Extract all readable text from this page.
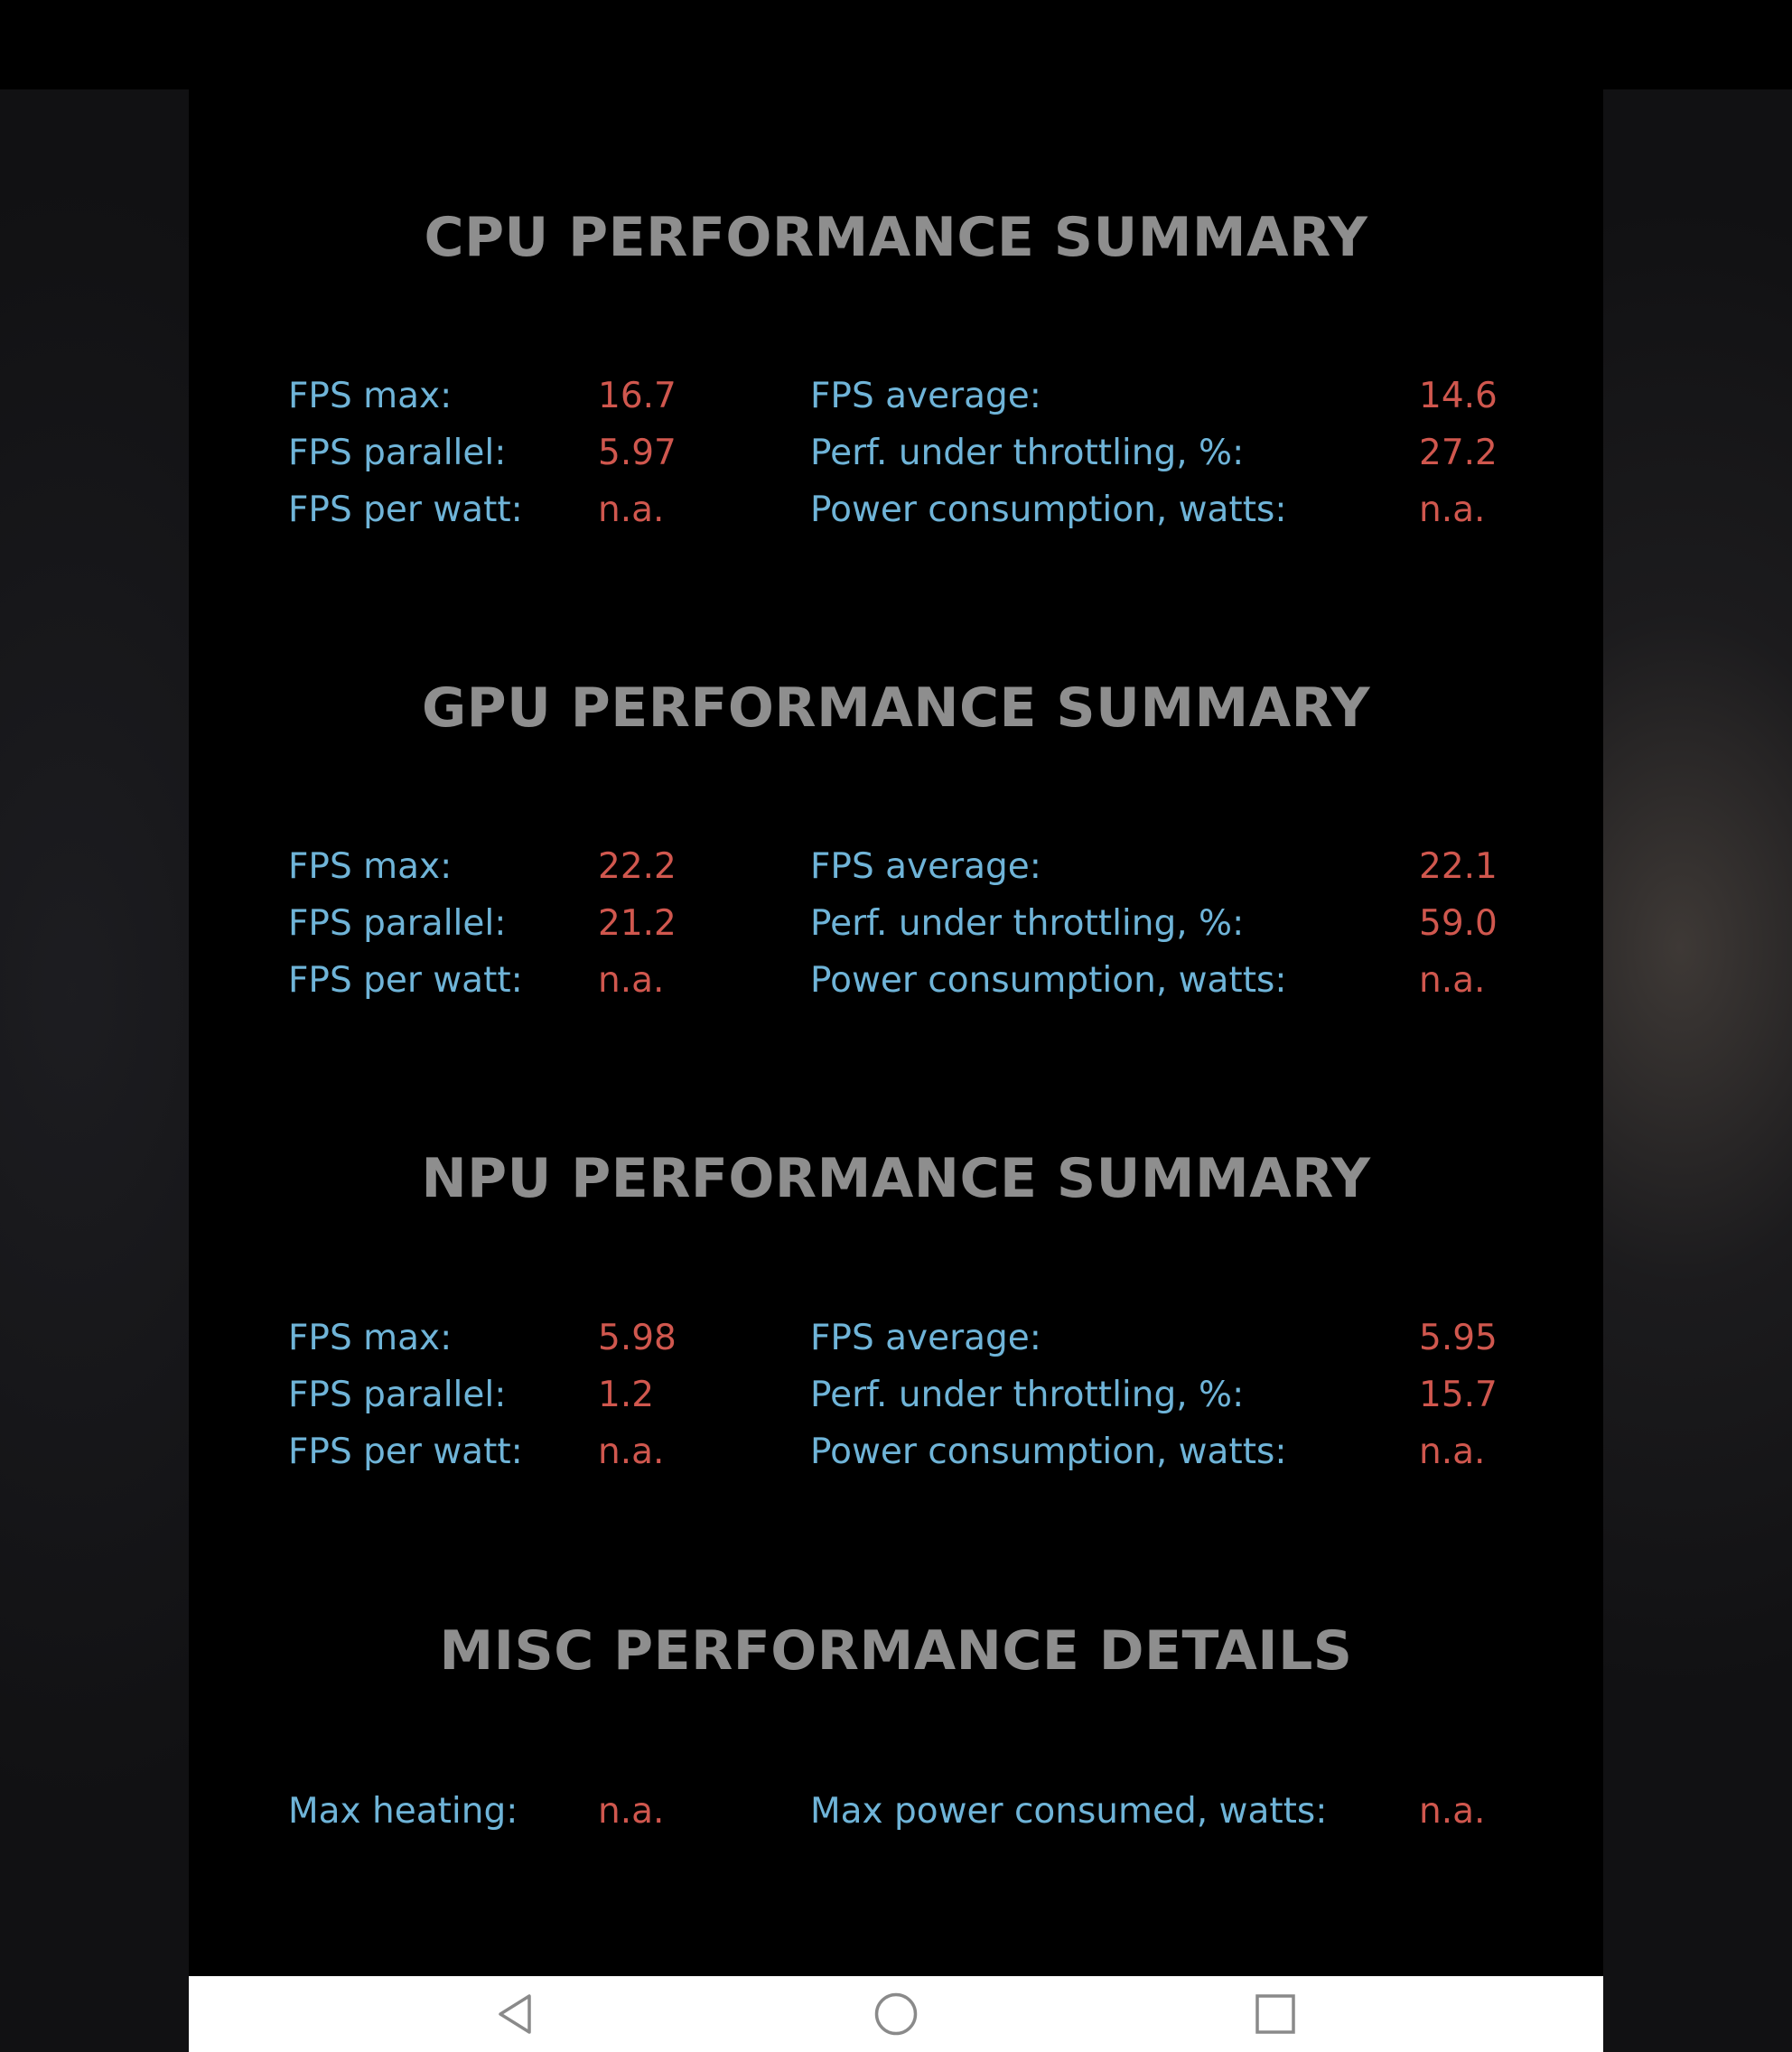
CPU PERFORMANCE SUMMARY
FPS max:	16.7	FPS average:	14.6
FPS parallel:	5.97	Perf. under throttling, %:	27.2
FPS per watt: n.a.	Power consumption, watts:	n.a.
GPU PERFORMANCE SUMMARY
FPS max:	22.2	FPS average:	22.1
FPS parallel:	21.2	Perf. under throttling, %:	59.0
FPS per watt: n.a.	Power consumption, watts:	n.a.
NPU PERFORMANCE SUMMARY
FPS max:	5.98	FPS average:	5.95
FPS parallel:	1.2	Perf. under throttling, %:	15.7
FPS per watt: n.a.	Power consumption, watts:	n.a.
MISC PERFORMANCE DETAILS
Max heating: n.a.	Max power consumed, watts:	n.a.
